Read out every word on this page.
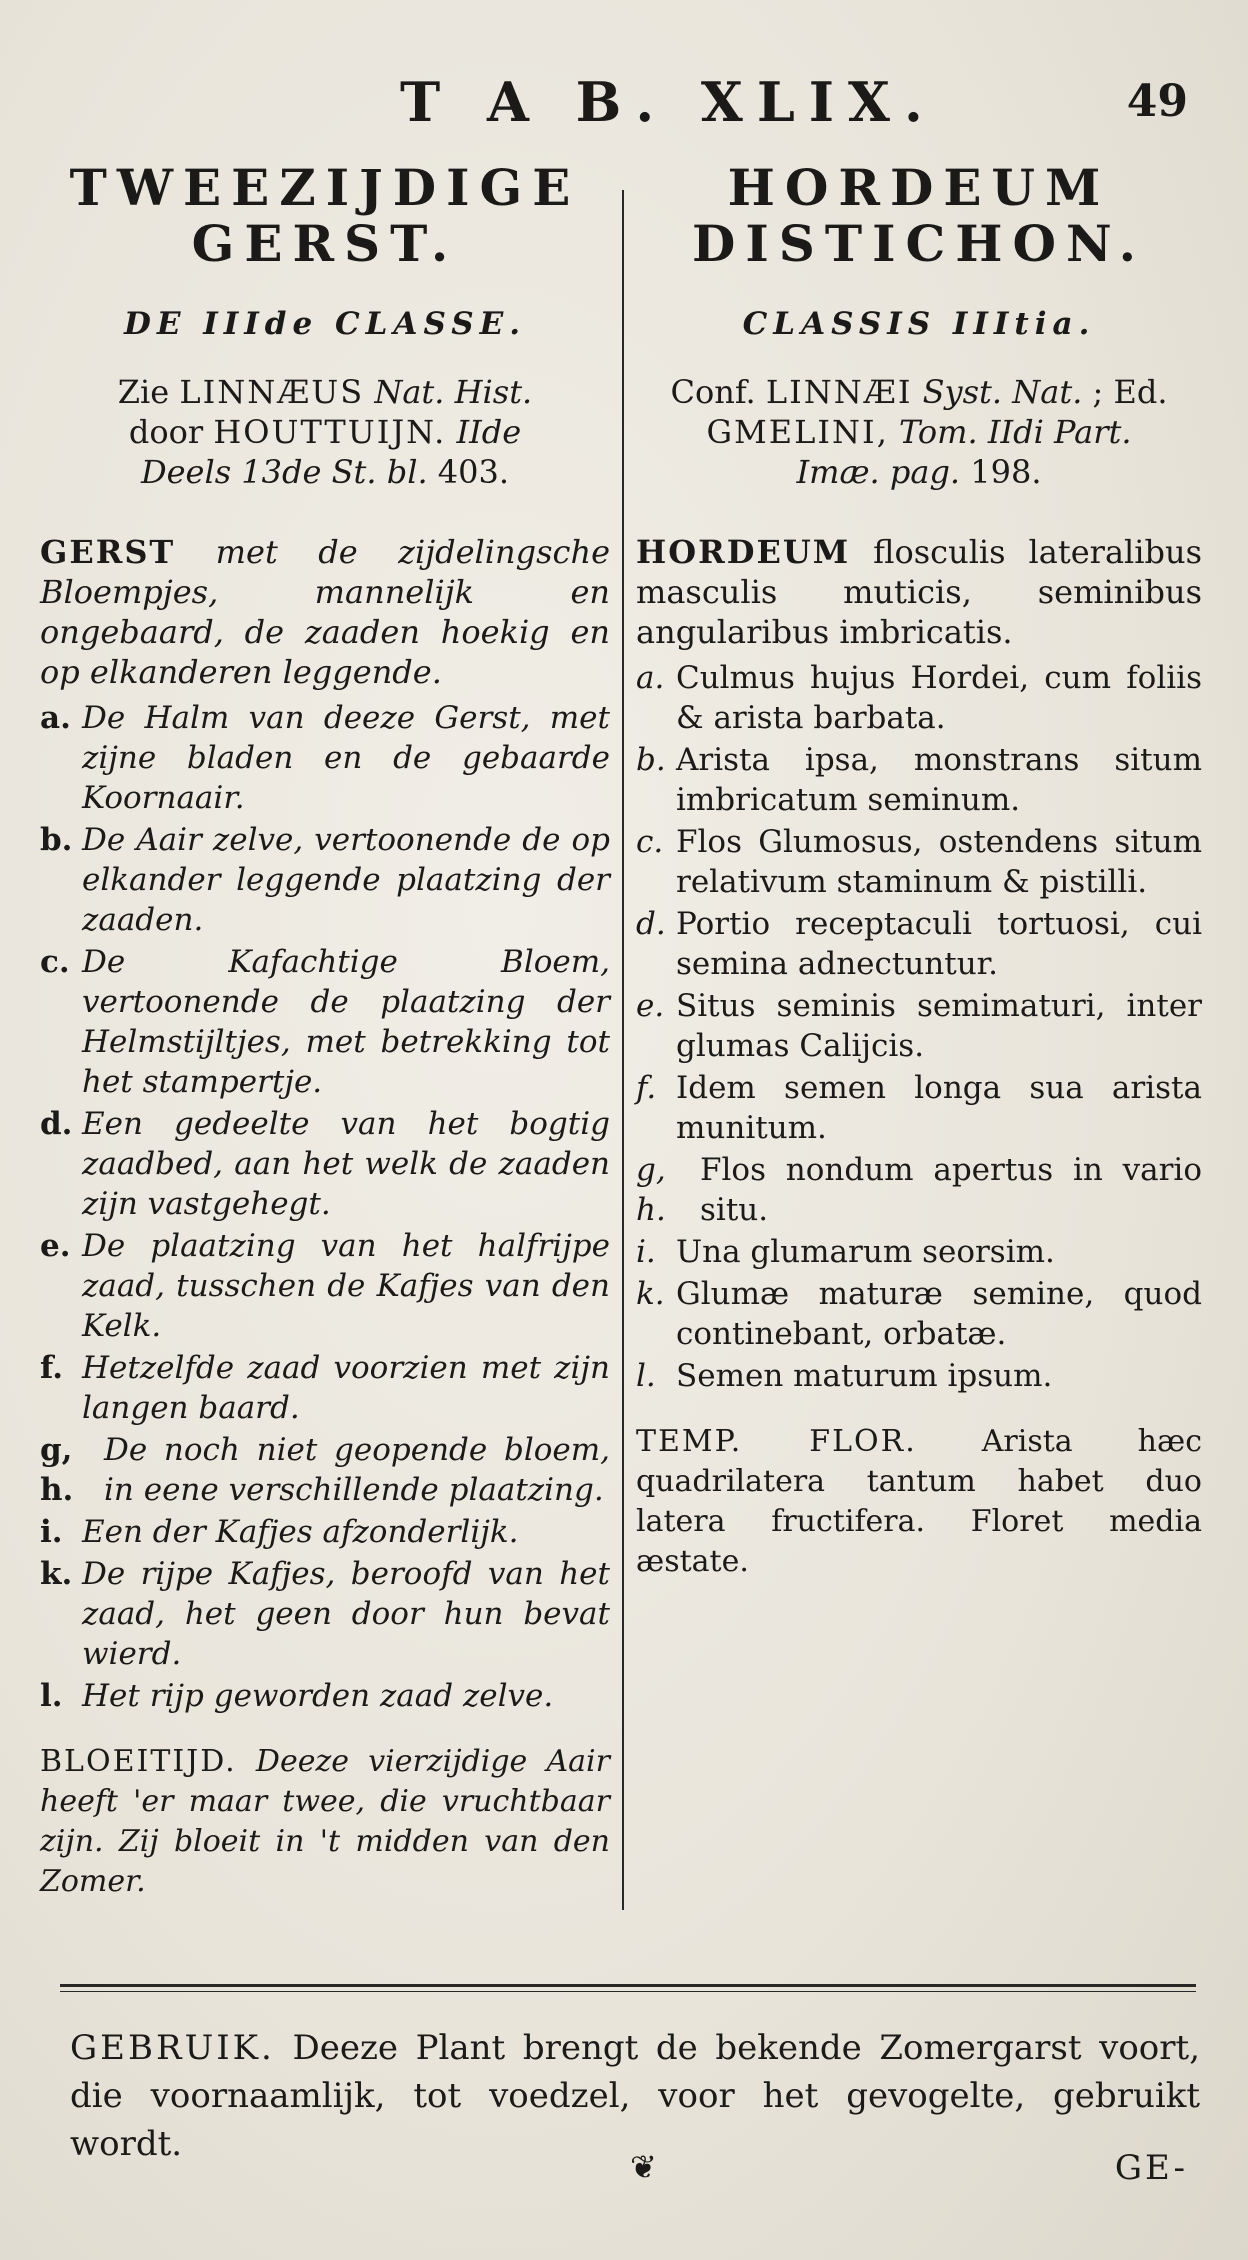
T A B. XLIX.	49
TWEEZIJDIGE
GERST.
DE IIIde CLASSE.
Zie LINNÆUS Nat. Hist.
door HOUTTUIJN. IIde
Deels 13de St. bl. 403.
GERST met de zijdelingsche Bloempjes, mannelijk en ongebaard, de zaaden hoekig en op elkanderen leggende.
a. De Halm van deeze Gerst, met zijne bladen en de gebaarde Koornaair.
b. De Aair zelve, vertoonende de op elkander leggende plaatzing der zaaden.
c. De Kafachtige Bloem, vertoonende de plaatzing der Helmstijltjes, met betrekking tot het stampertje.
d. Een gedeelte van het bogtig zaadbed, aan het welk de zaaden zijn vastgehegt.
e. De plaatzing van het halfrijpe zaad, tusschen de Kafjes van den Kelk.
f. Hetzelfde zaad voorzien met zijn langen baard.
g, h.
De noch niet geopende bloem, in eene verschillende plaatzing.
i. Een der Kafjes afzonderlijk.
k. De rijpe Kafjes, beroofd van het zaad, het geen door hun bevat wierd.
l. Het rijp geworden zaad zelve.
BLOEITIJD. Deeze vierzijdige Aair heeft 'er maar twee, die vruchtbaar zijn. Zij bloeit in 't midden van den Zomer.
HORDEUM
DISTICHON.
CLASSIS IIItia.
Conf. LINNÆI Syst. Nat. ; Ed.
GMELINI, Tom. IIdi Part.
Imæ. pag. 198.
HORDEUM flosculis lateralibus masculis muticis, seminibus angularibus imbricatis.
a. Culmus hujus Hordei, cum foliis & arista barbata.
b. Arista ipsa, monstrans situm imbricatum seminum.
c. Flos Glumosus, ostendens situm relativum staminum & pistilli.
d. Portio receptaculi tortuosi, cui semina adnectuntur.
e. Situs seminis semimaturi, inter glumas Calijcis.
f. Idem semen longa sua arista munitum.
g, h.
Flos nondum apertus in vario situ.
i. Una glumarum seorsim.
k. Glumæ maturæ semine, quod continebant, orbatæ.
l. Semen maturum ipsum.
TEMP. FLOR. Arista hæc quadrilatera tantum habet duo latera fructifera. Floret media æstate.
GEBRUIK. Deeze Plant brengt de bekende Zomergarst voort, die voornaamlijk, tot voedzel, voor het gevogelte, gebruikt wordt.
❦	GE-
